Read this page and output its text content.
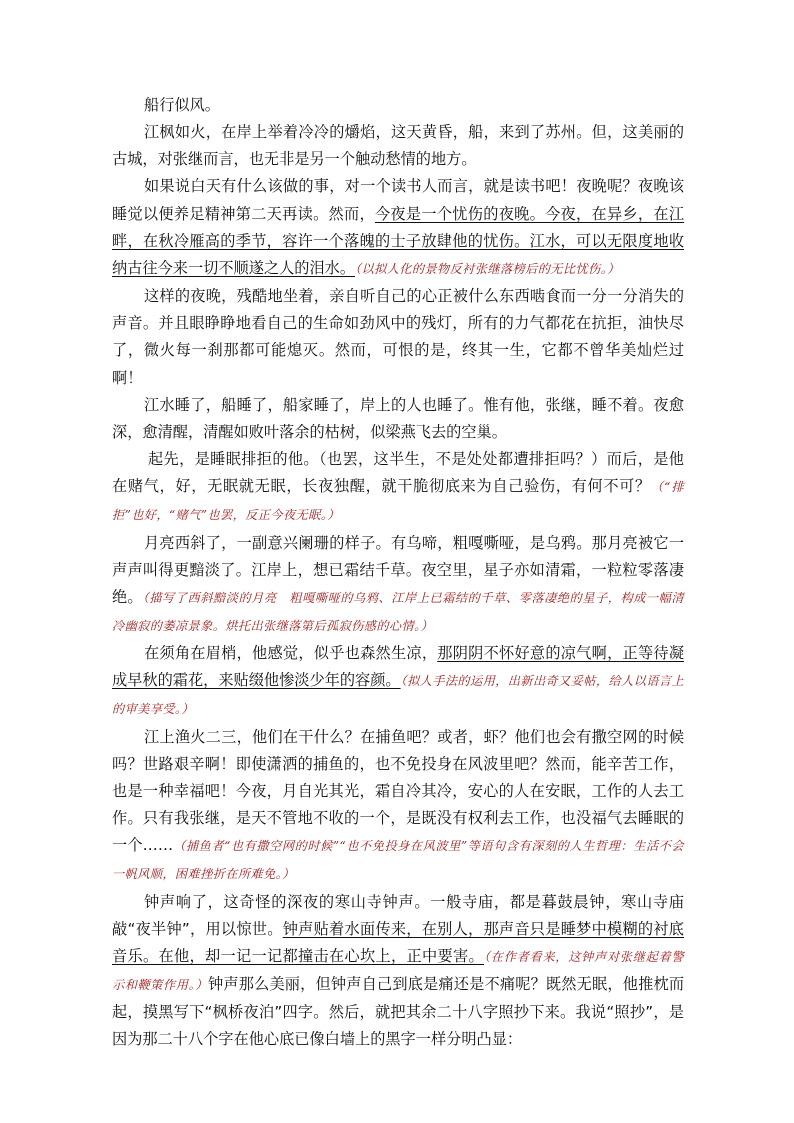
船行似风。

江枫如火，在岸上举着冷冷的爝焰，这天黄昏，船，来到了苏州。但，这美丽的古城，对张继而言，也无非是另一个触动愁情的地方。

如果说白天有什么该做的事，对一个读书人而言，就是读书吧！夜晚呢？夜晚该睡觉以便养足精神第二天再读。然而，今夜是一个忧伤的夜晚。今夜，在异乡，在江畔，在秋冷雁高的季节，容许一个落魄的士子放肆他的忧伤。江水，可以无限度地收纳古往今来一切不顺遂之人的泪水。（以拟人化的景物反衬张继落榜后的无比忧伤。）

这样的夜晚，残酷地坐着，亲自听自己的心正被什么东西啮食而一分一分消失的声音。并且眼睁睁地看自己的生命如劲风中的残灯，所有的力气都花在抗拒，油快尽了，微火每一刹那都可能熄灭。然而，可恨的是，终其一生，它都不曾华美灿烂过啊！

江水睡了，船睡了，船家睡了，岸上的人也睡了。惟有他，张继，睡不着。夜愈深，愈清醒，清醒如败叶落余的枯树，似梁燕飞去的空巢。

起先，是睡眠排拒的他。（也罢，这半生，不是处处都遭排拒吗？）而后，是他在赌气，好，无眠就无眠，长夜独醒，就干脆彻底来为自己验伤，有何不可？（“排拒”也好，“赌气”也罢，反正今夜无眠。）

月亮西斜了，一副意兴阑珊的样子。有乌啼，粗嘎嘶哑，是乌鸦。那月亮被它一声声叫得更黯淡了。江岸上，想已霜结千草。夜空里，星子亦如清霜，一粒粒零落凄绝。（描写了西斜黯淡的月亮　粗嘎嘶哑的乌鸦、江岸上已霜结的千草、零落凄绝的星子，构成一幅清冷幽寂的萎凉景象。烘托出张继落第后孤寂伤感的心情。）

在须角在眉梢，他感觉，似乎也森然生凉，那阴阴不怀好意的凉气啊，正等待凝成早秋的霜花，来贴缀他惨淡少年的容颜。（拟人手法的运用，出新出奇又妥帖，给人以语言上的审美享受。）

江上渔火二三，他们在干什么？在捕鱼吧？或者，虾？他们也会有撒空网的时候吗？世路艰辛啊！即使潇洒的捕鱼的，也不免投身在风波里吧？然而，能辛苦工作，也是一种幸福吧！今夜，月自光其光，霜自冷其冷，安心的人在安眠，工作的人去工作。只有我张继，是天不管地不收的一个，是既没有权利去工作，也没福气去睡眠的一个……（捕鱼者“也有撒空网的时候”“也不免投身在风波里”等语句含有深刻的人生哲理：生活不会一帆风顺，困难挫折在所难免。）

钟声响了，这奇怪的深夜的寒山寺钟声。一般寺庙，都是暮鼓晨钟，寒山寺庙敲“夜半钟”，用以惊世。钟声贴着水面传来，在别人，那声音只是睡梦中模糊的衬底音乐。在他，却一记一记都撞击在心坎上，正中要害。（在作者看来，这钟声对张继起着警示和鞭策作用。）钟声那么美丽，但钟声自己到底是痛还是不痛呢？既然无眠，他推枕而起，摸黑写下“枫桥夜泊”四字。然后，就把其余二十八字照抄下来。我说“照抄”，是因为那二十八个字在他心底已像白墙上的黑字一样分明凸显：
